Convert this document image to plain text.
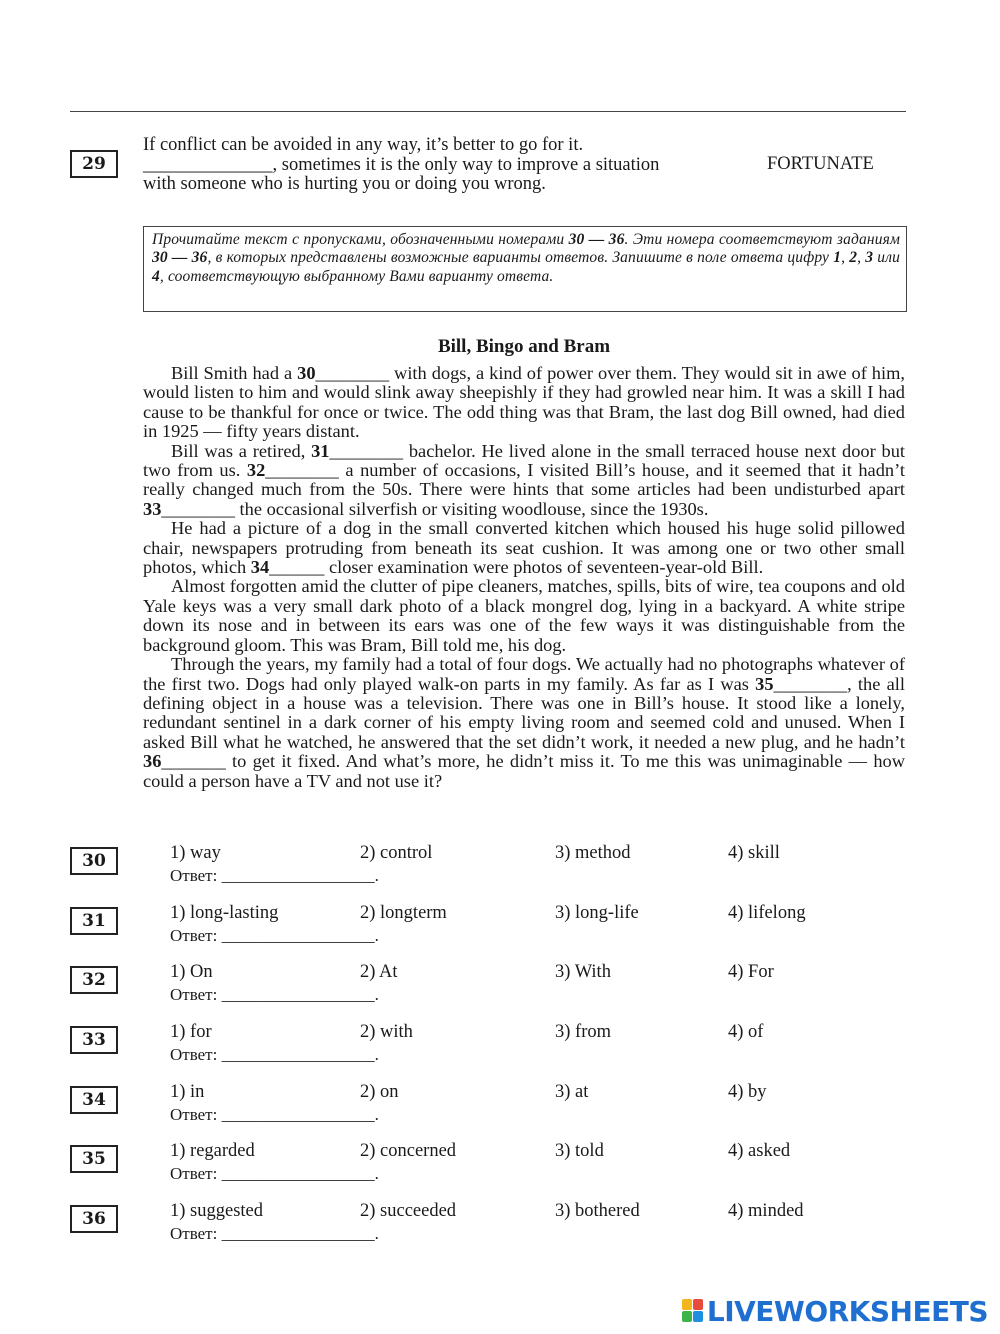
29
If conflict can be avoided in any way, it’s better to go for it.
______________, sometimes it is the only way to improve a situation
with someone who is hurting you or doing you wrong.
FORTUNATE
Прочитайте текст с пропусками, обозначенными номерами 30 — 36. Эти номера соответствуют заданиям 30 — 36, в которых представлены возможные варианты ответов. Запишите в поле ответа цифру 1, 2, 3 или 4, соответствующую выбранному Вами варианту ответа.
Bill, Bingo and Bram

Bill Smith had a 30________ with dogs, a kind of power over them. They would sit in awe of him, would listen to him and would slink away sheepishly if they had growled near him. It was a skill I had cause to be thankful for once or twice. The odd thing was that Bram, the last dog Bill owned, had died in 1925 — fifty years distant.

Bill was a retired, 31________ bachelor. He lived alone in the small terraced house next door but two from us. 32________ a number of occasions, I visited Bill’s house, and it seemed that it hadn’t really changed much from the 50s. There were hints that some articles had been undisturbed apart 33________ the occasional silverfish or visiting woodlouse, since the 1930s.

He had a picture of a dog in the small converted kitchen which housed his huge solid pillowed chair, newspapers protruding from beneath its seat cushion. It was among one or two other small photos, which 34______ closer examination were photos of seventeen-year-old Bill.

Almost forgotten amid the clutter of pipe cleaners, matches, spills, bits of wire, tea coupons and old Yale keys was a very small dark photo of a black mongrel dog, lying in a backyard. A white stripe down its nose and in between its ears was one of the few ways it was distinguishable from the background gloom. This was Bram, Bill told me, his dog.

Through the years, my family had a total of four dogs. We actually had no photographs whatever of the first two. Dogs had only played walk-on parts in my family. As far as I was 35________, the all defining object in a house was a television. There was one in Bill’s house. It stood like a lonely, redundant sentinel in a dark corner of his empty living room and seemed cold and unused. When I asked Bill what he watched, he answered that the set didn’t work, it needed a new plug, and he hadn’t 36_______ to get it fixed. And what’s more, he didn’t miss it. To me this was unimaginable — how could a person have a TV and not use it?

30	1) way	2) control	3) method	4) skill
Ответ: __________________.
31	1) long-lasting	2) longterm	3) long-life	4) lifelong
Ответ: __________________.
32	1) On	2) At	3) With	4) For
Ответ: __________________.
33	1) for	2) with	3) from	4) of
Ответ: __________________.
34	1) in	2) on	3) at	4) by
Ответ: __________________.
35	1) regarded	2) concerned	3) told	4) asked
Ответ: __________________.
36	1) suggested	2) succeeded	3) bothered	4) minded
Ответ: __________________.
LIVEWORKSHEETS
